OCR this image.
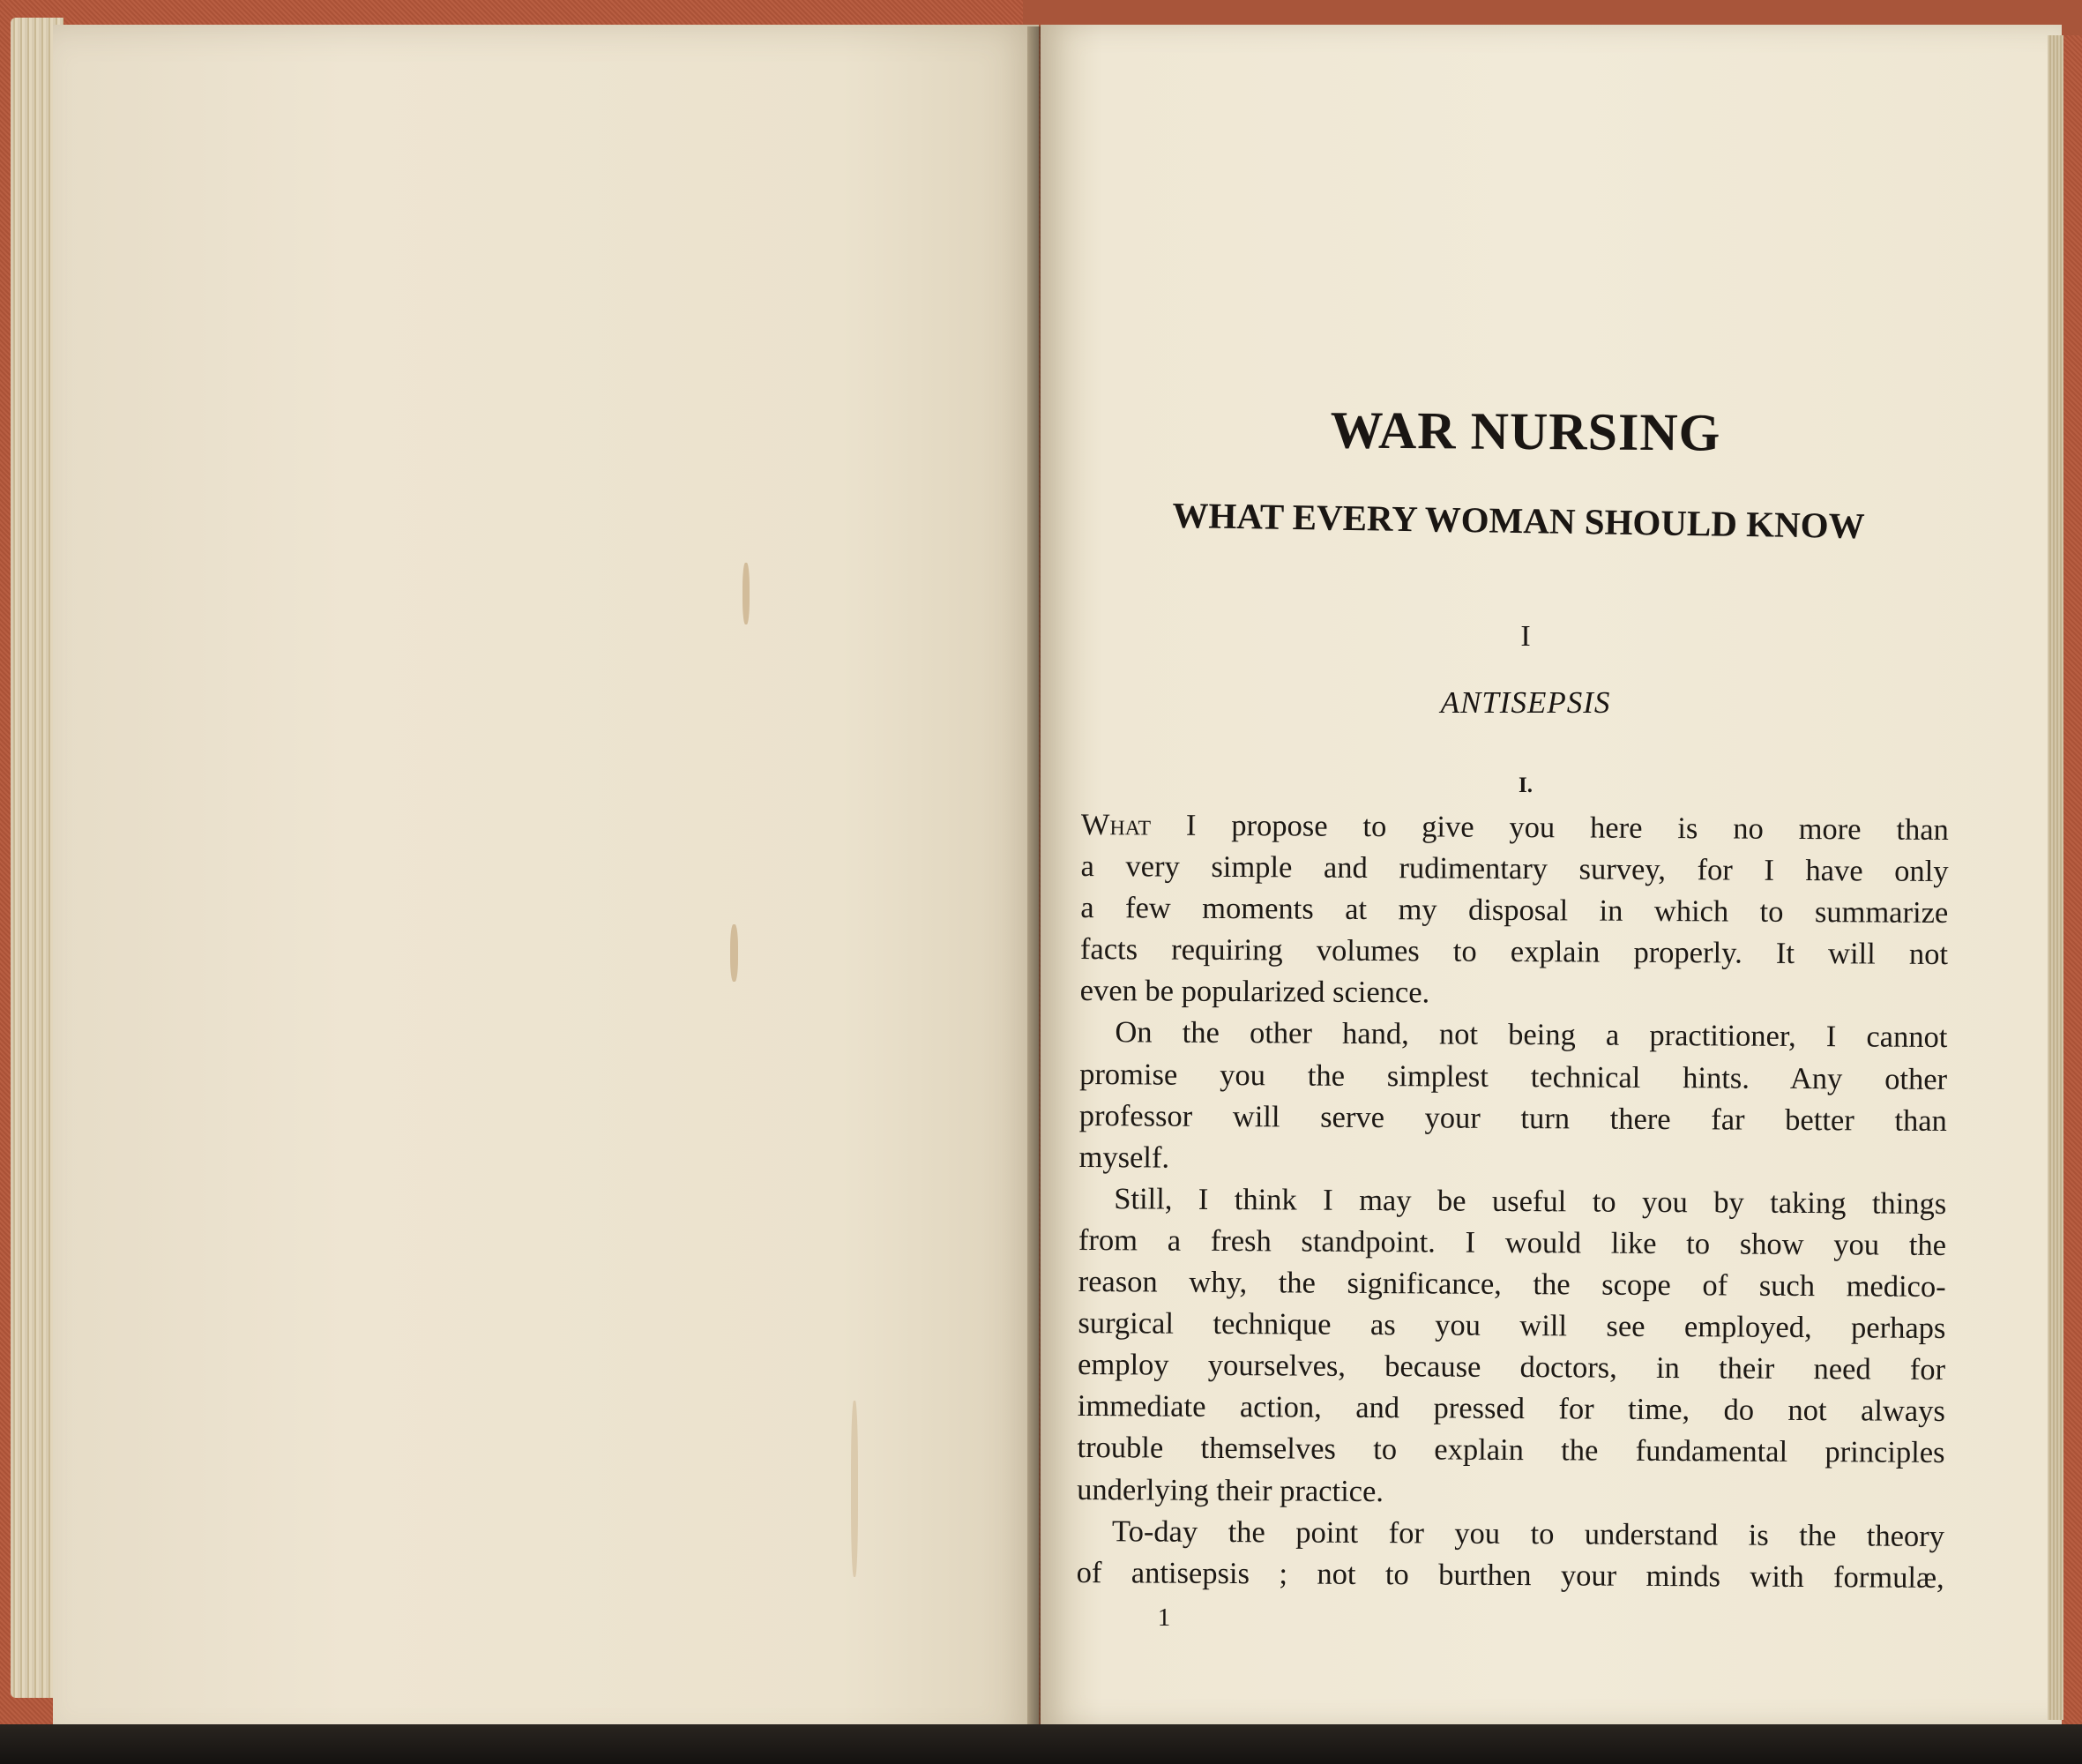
WAR NURSING
WHAT EVERY WOMAN SHOULD KNOW
I
ANTISEPSIS
I.

What I propose to give you here is no more than
a very simple and rudimentary survey, for I have only
a few moments at my disposal in which to summarize
facts requiring volumes to explain properly. It will not
even be popularized science.

On the other hand, not being a practitioner, I cannot
promise you the simplest technical hints. Any other
professor will serve your turn there far better than
myself.

Still, I think I may be useful to you by taking things
from a fresh standpoint. I would like to show you the
reason why, the significance, the scope of such medico-
surgical technique as you will see employed, perhaps
employ yourselves, because doctors, in their need for
immediate action, and pressed for time, do not always
trouble themselves to explain the fundamental principles
underlying their practice.

To-day the point for you to understand is the theory
of antisepsis ; not to burthen your minds with formulæ,

1
